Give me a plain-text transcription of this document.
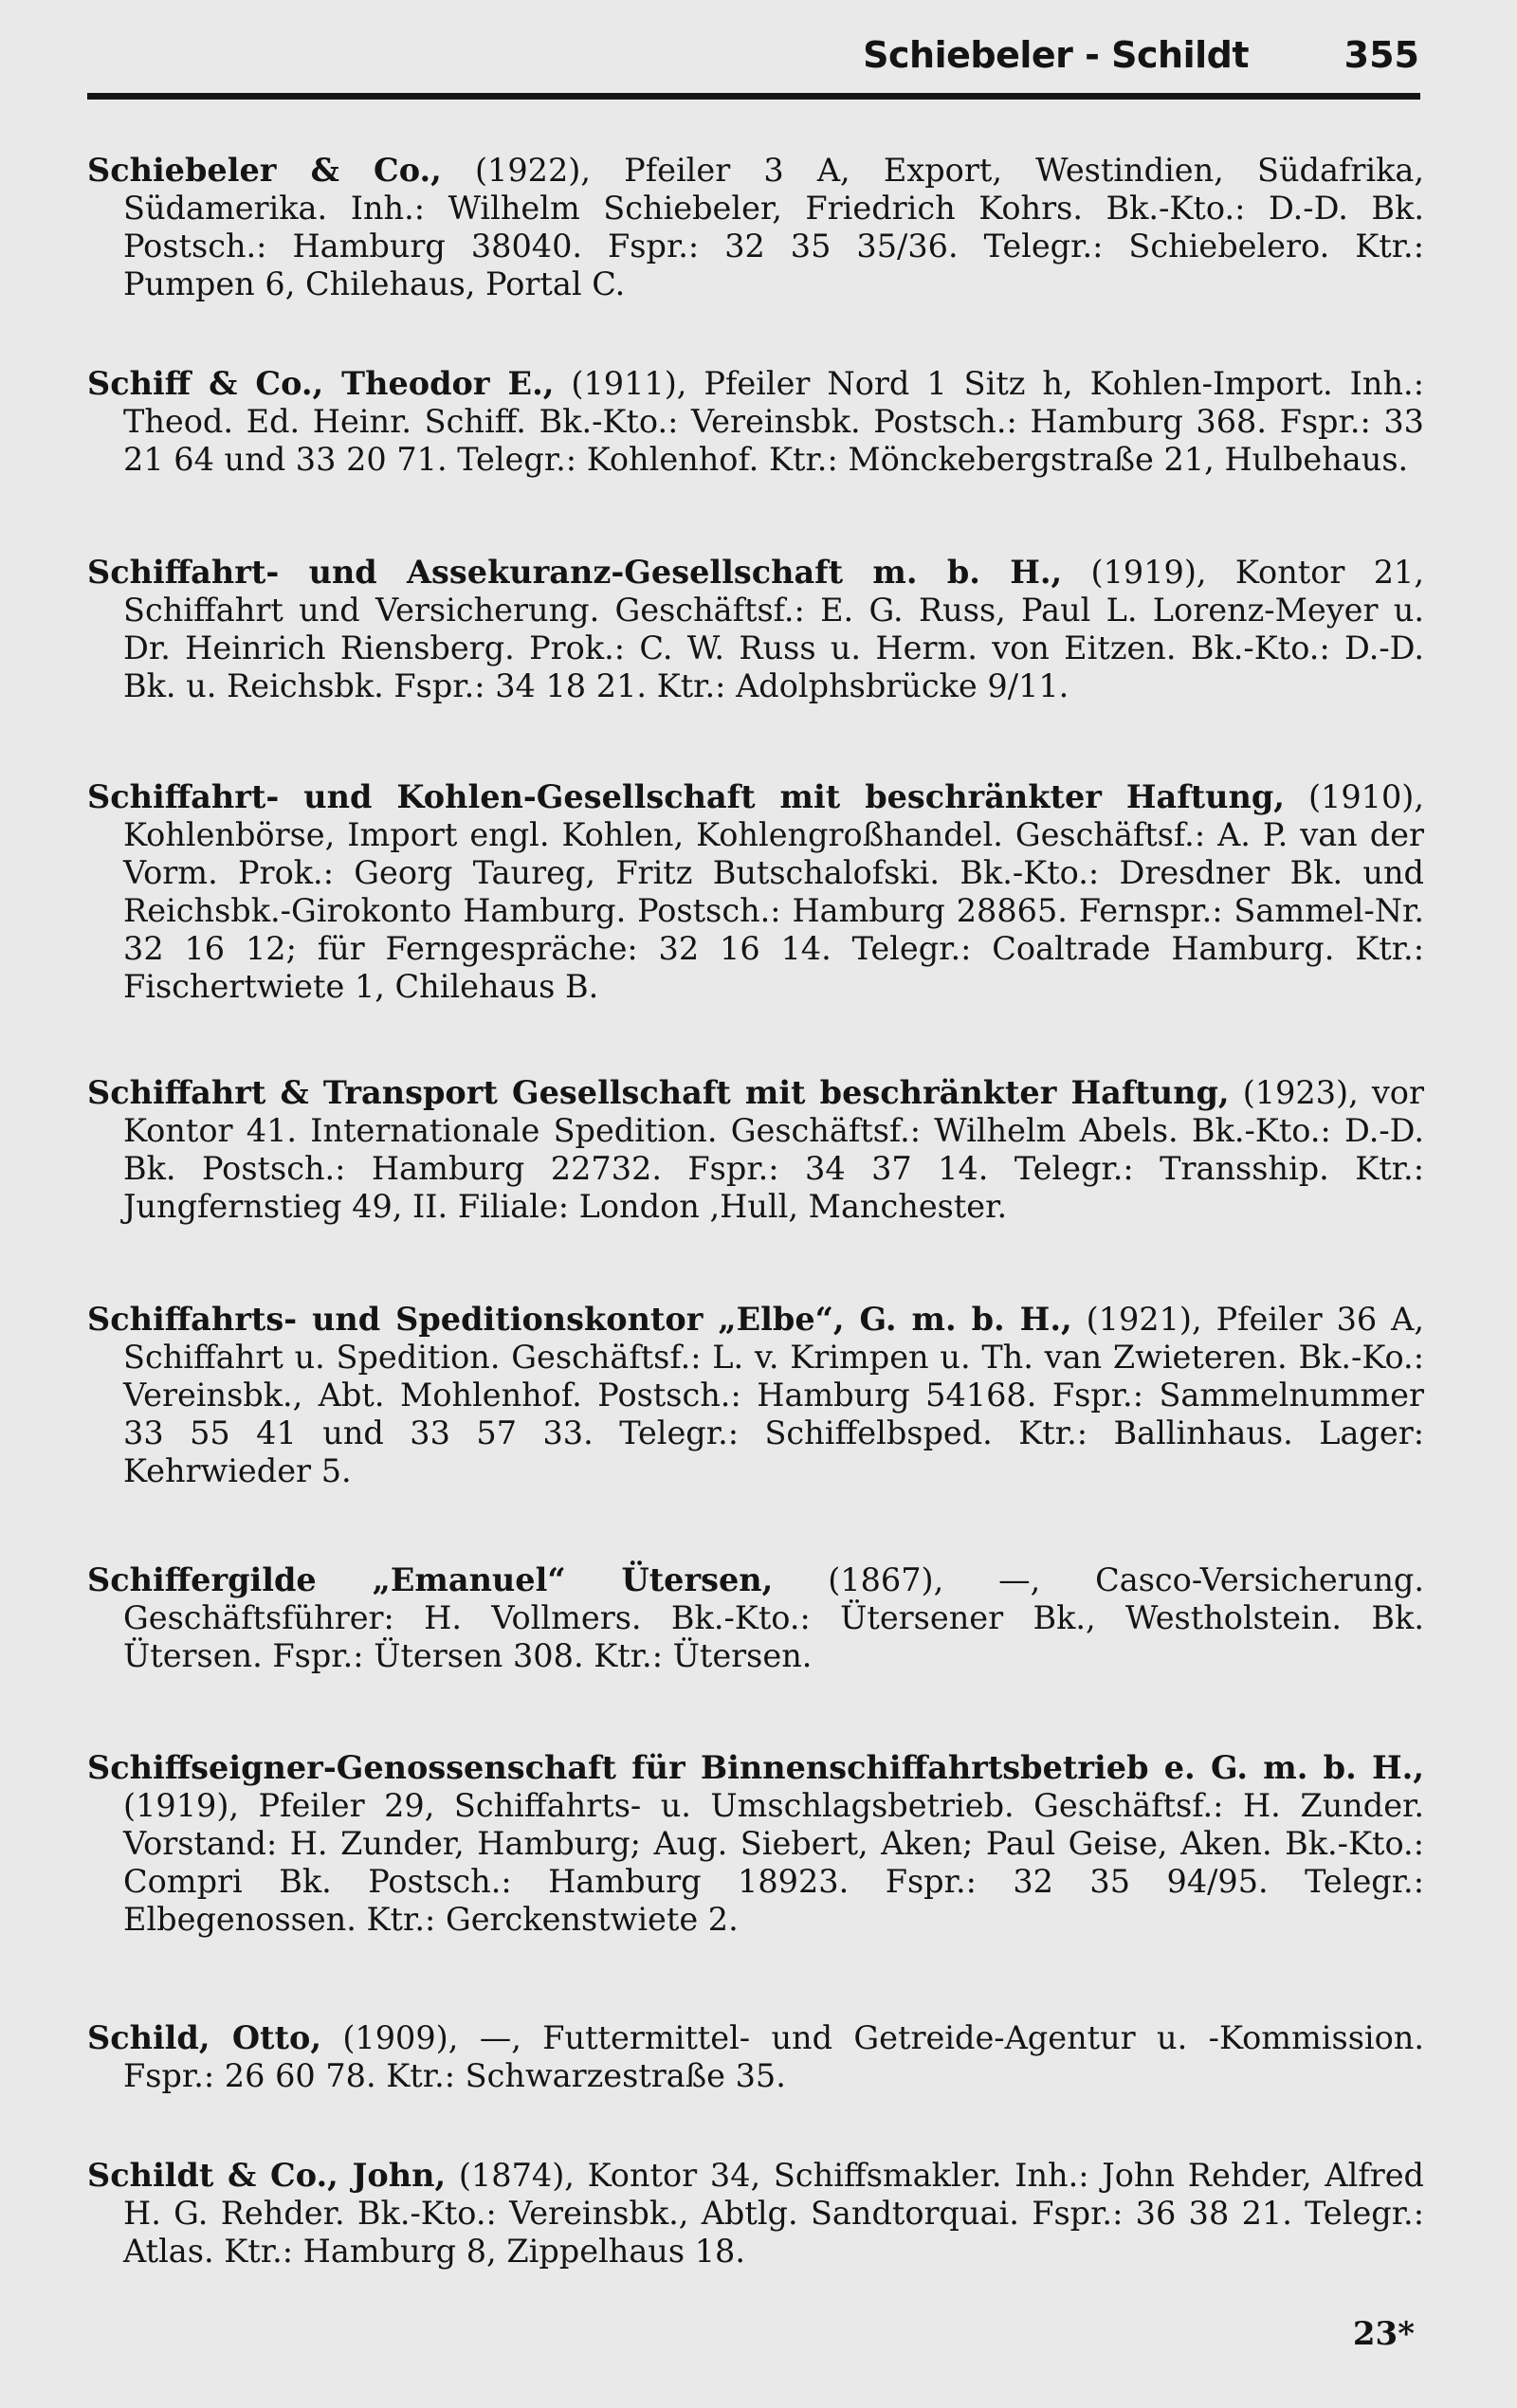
Schiebeler - Schildt	355

Schiebeler & Co., (1922), Pfeiler 3 A, Export, Westindien, Südafrika, Südamerika. Inh.: Wilhelm Schiebeler, Friedrich Kohrs. Bk.-Kto.: D.-D. Bk. Postsch.: Hamburg 38040. Fspr.: 32 35 35/36. Telegr.: Schiebelero. Ktr.: Pumpen 6, Chilehaus, Portal C.

Schiff & Co., Theodor E., (1911), Pfeiler Nord 1 Sitz h, Kohlen-Import. Inh.: Theod. Ed. Heinr. Schiff. Bk.-Kto.: Vereinsbk. Postsch.: Hamburg 368. Fspr.: 33 21 64 und 33 20 71. Telegr.: Kohlenhof. Ktr.: Mönckebergstraße 21, Hulbehaus.

Schiffahrt- und Assekuranz-Gesellschaft m. b. H., (1919), Kontor 21, Schiffahrt und Versicherung. Geschäftsf.: E. G. Russ, Paul L. Lorenz-Meyer u. Dr. Heinrich Riensberg. Prok.: C. W. Russ u. Herm. von Eitzen. Bk.-Kto.: D.-D. Bk. u. Reichsbk. Fspr.: 34 18 21. Ktr.: Adolphsbrücke 9/11.

Schiffahrt- und Kohlen-Gesellschaft mit beschränkter Haftung, (1910), Kohlenbörse, Import engl. Kohlen, Kohlengroßhandel. Geschäftsf.: A. P. van der Vorm. Prok.: Georg Taureg, Fritz Butschalofski. Bk.-Kto.: Dresdner Bk. und Reichsbk.-Girokonto Hamburg. Postsch.: Hamburg 28865. Fernspr.: Sammel-Nr. 32 16 12; für Ferngespräche: 32 16 14. Telegr.: Coaltrade Hamburg. Ktr.: Fischertwiete 1, Chilehaus B.

Schiffahrt & Transport Gesellschaft mit beschränkter Haftung, (1923), vor Kontor 41. Internationale Spedition. Geschäftsf.: Wilhelm Abels. Bk.-Kto.: D.-D. Bk. Postsch.: Hamburg 22732. Fspr.: 34 37 14. Telegr.: Transship. Ktr.: Jungfernstieg 49, II. Filiale: London ,Hull, Manchester.

Schiffahrts- und Speditionskontor „Elbe“, G. m. b. H., (1921), Pfeiler 36 A, Schiffahrt u. Spedition. Geschäftsf.: L. v. Krimpen u. Th. van Zwieteren. Bk.-Ko.: Vereinsbk., Abt. Mohlenhof. Postsch.: Hamburg 54168. Fspr.: Sammelnummer 33 55 41 und 33 57 33. Telegr.: Schiffelbsped. Ktr.: Ballinhaus. Lager: Kehrwieder 5.

Schiffergilde „Emanuel“ Ütersen, (1867), —, Casco-Versicherung. Geschäftsführer: H. Vollmers. Bk.-Kto.: Ütersener Bk., Westholstein. Bk. Ütersen. Fspr.: Ütersen 308. Ktr.: Ütersen.

Schiffseigner-Genossenschaft für Binnenschiffahrtsbetrieb e. G. m. b. H., (1919), Pfeiler 29, Schiffahrts- u. Umschlagsbetrieb. Geschäftsf.: H. Zunder. Vorstand: H. Zunder, Hamburg; Aug. Siebert, Aken; Paul Geise, Aken. Bk.-Kto.: Compri Bk. Postsch.: Hamburg 18923. Fspr.: 32 35 94/95. Telegr.: Elbegenossen. Ktr.: Gerckenstwiete 2.

Schild, Otto, (1909), —, Futtermittel- und Getreide-Agentur u. -Kommission. Fspr.: 26 60 78. Ktr.: Schwarzestraße 35.

Schildt & Co., John, (1874), Kontor 34, Schiffsmakler. Inh.: John Rehder, Alfred H. G. Rehder. Bk.-Kto.: Vereinsbk., Abtlg. Sandtorquai. Fspr.: 36 38 21. Telegr.: Atlas. Ktr.: Hamburg 8, Zippelhaus 18.

23*
